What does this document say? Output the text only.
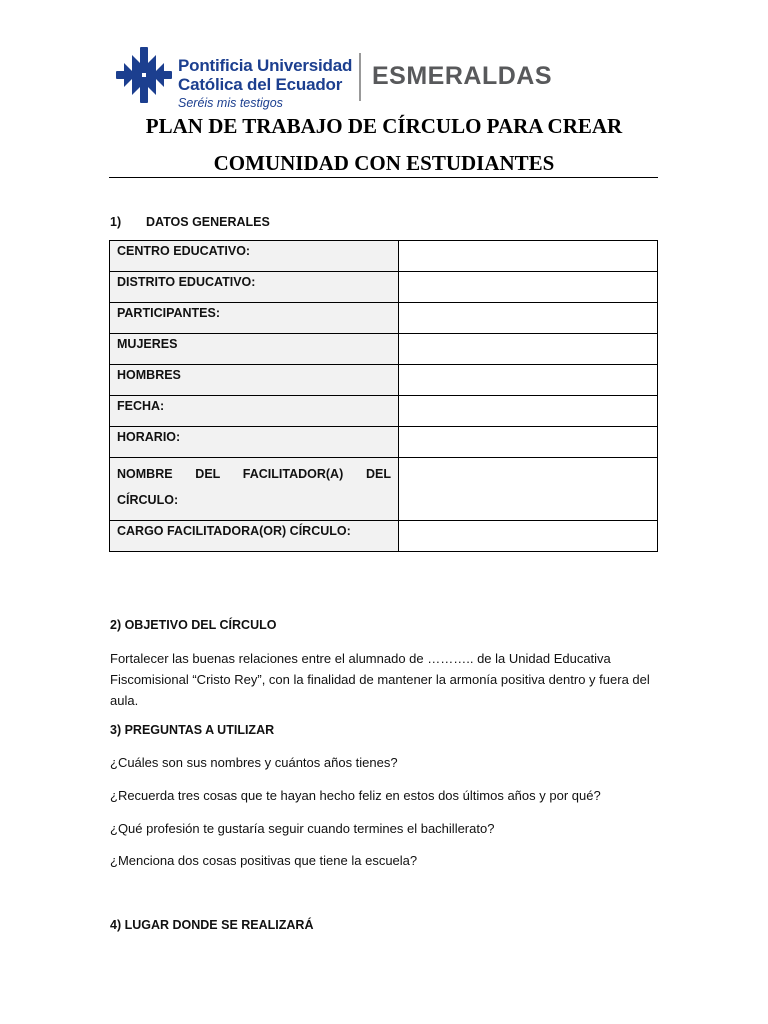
Pontificia Universidad
Católica del Ecuador
Seréis mis testigos
ESMERALDAS
PLAN DE TRABAJO DE CÍRCULO PARA CREAR
COMUNIDAD CON ESTUDIANTES
1) DATOS GENERALES
CENTRO EDUCATIVO:	
DISTRITO EDUCATIVO:	
PARTICIPANTES:	
MUJERES	
HOMBRES	
FECHA:	
HORARIO:	

NOMBRE DEL FACILITADOR(A) DEL
CÍRCULO:	

CARGO FACILITADORA(OR) CÍRCULO:	
2) OBJETIVO DEL CÍRCULO
Fortalecer las buenas relaciones entre el alumnado de ……….. de la Unidad Educativa Fiscomisional “Cristo Rey”, con la finalidad de mantener la armonía positiva dentro y fuera del aula.
3) PREGUNTAS A UTILIZAR
¿Cuáles son sus nombres y cuántos años tienes?
¿Recuerda tres cosas que te hayan hecho feliz en estos dos últimos años y por qué?
¿Qué profesión te gustaría seguir cuando termines el bachillerato?
¿Menciona dos cosas positivas que tiene la escuela?
4) LUGAR DONDE SE REALIZARÁ
